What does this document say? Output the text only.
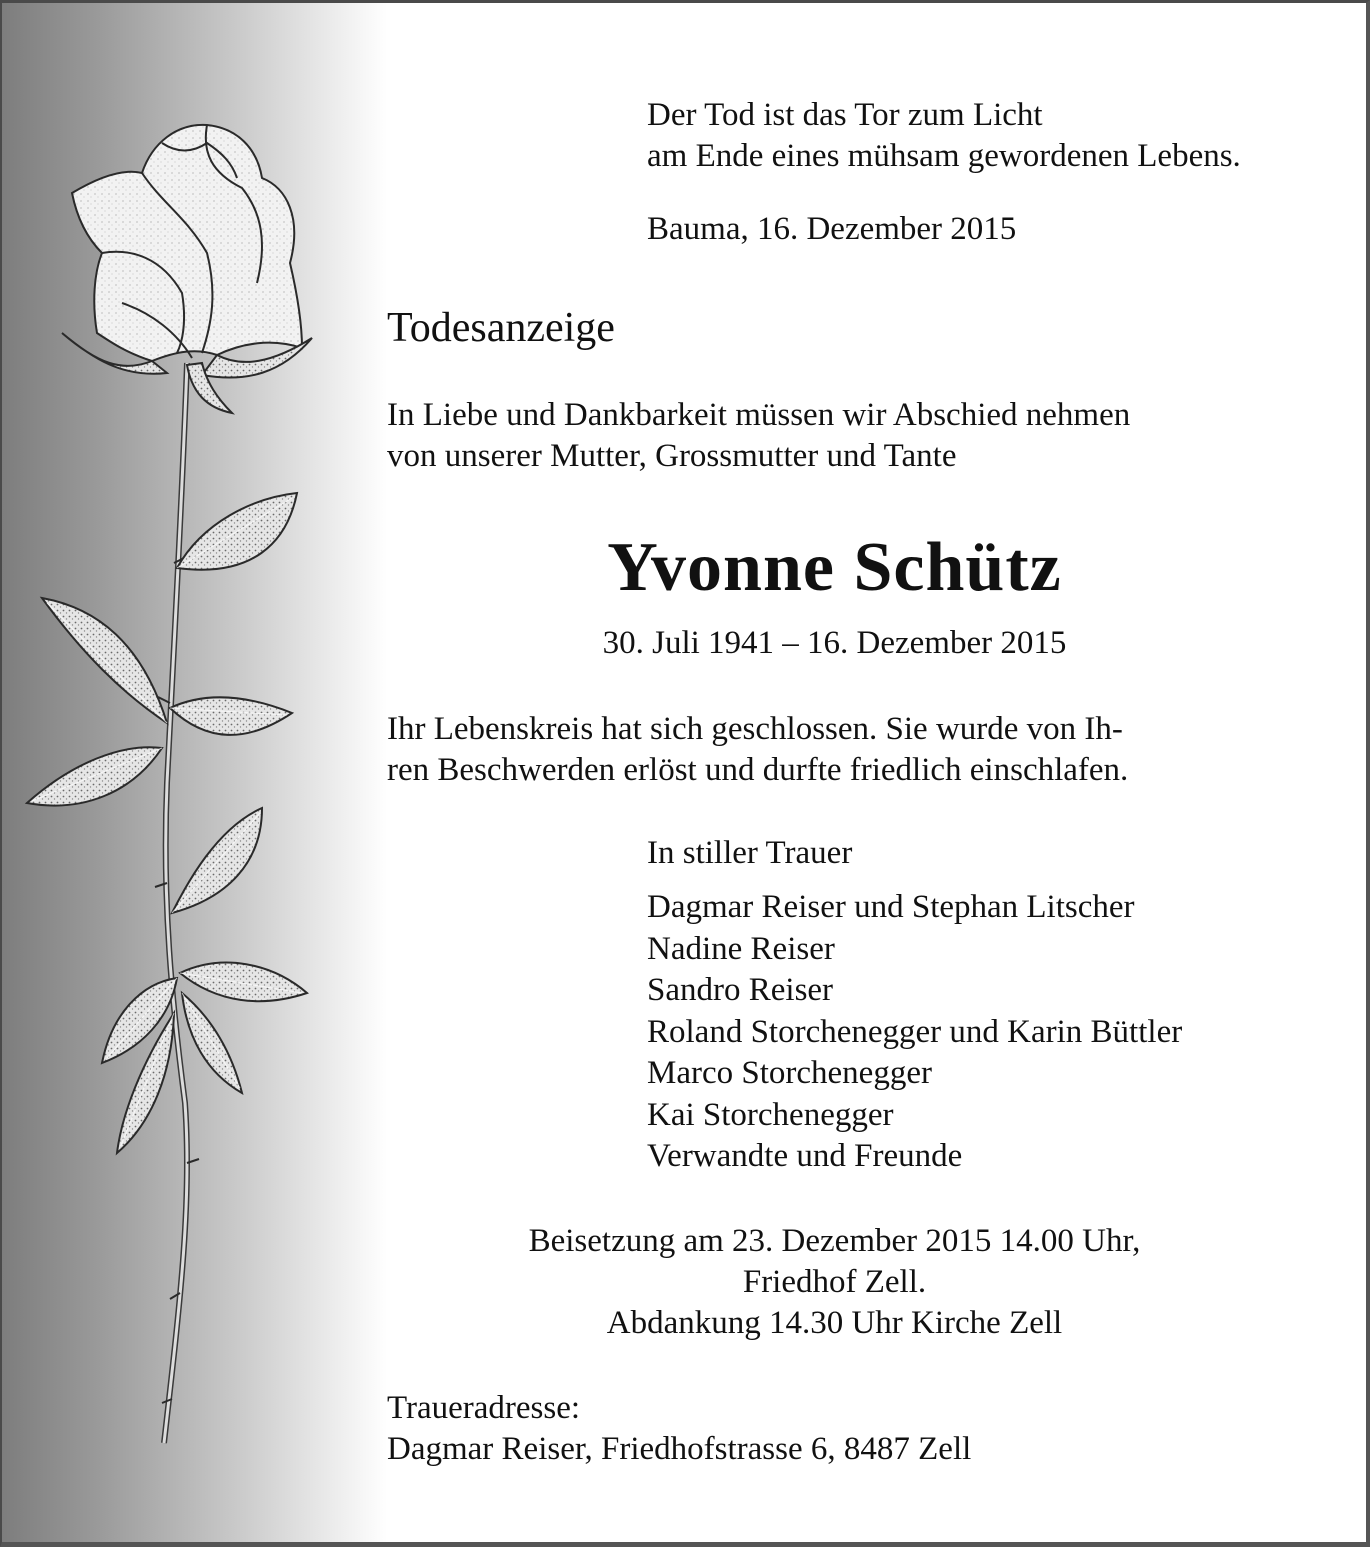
Der Tod ist das Tor zum Licht
am Ende eines mühsam gewordenen Lebens.
Bauma, 16. Dezember 2015
Todesanzeige
In Liebe und Dankbarkeit müssen wir Abschied nehmen
von unserer Mutter, Grossmutter und Tante
Yvonne Schütz
30. Juli 1941 – 16. Dezember 2015
Ihr Lebenskreis hat sich geschlossen. Sie wurde von Ih-
ren Beschwerden erlöst und durfte friedlich einschlafen.
In stiller Trauer
Dagmar Reiser und Stephan Litscher
Nadine Reiser
Sandro Reiser
Roland Storchenegger und Karin Büttler
Marco Storchenegger
Kai Storchenegger
Verwandte und Freunde
Beisetzung am 23. Dezember 2015 14.00 Uhr,
Friedhof Zell.
Abdankung 14.30 Uhr Kirche Zell
Traueradresse:
Dagmar Reiser, Friedhofstrasse 6, 8487 Zell
